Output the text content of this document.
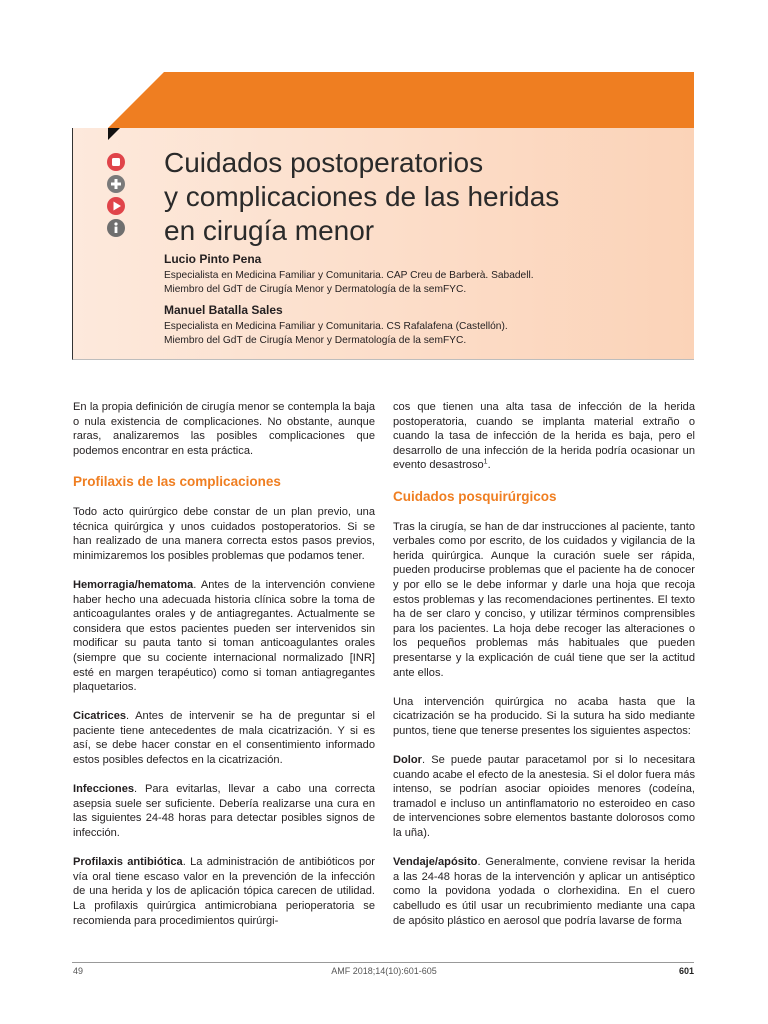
Cuidados postoperatorios
y complicaciones de las heridas
en cirugía menor
Lucio Pinto Pena
Especialista en Medicina Familiar y Comunitaria. CAP Creu de Barberà. Sabadell.
Miembro del GdT de Cirugía Menor y Dermatología de la semFYC.
Manuel Batalla Sales
Especialista en Medicina Familiar y Comunitaria. CS Rafalafena (Castellón).
Miembro del GdT de Cirugía Menor y Dermatología de la semFYC.

En la propia definición de cirugía menor se contempla la baja o nula existencia de complicaciones. No obstante, aunque raras, analizaremos las posibles complicaciones que podemos encontrar en esta práctica.

Profilaxis de las complicaciones

Todo acto quirúrgico debe constar de un plan previo, una técnica quirúrgica y unos cuidados postoperatorios. Si se han realizado de una manera correcta estos pasos previos, minimizaremos los posibles problemas que podamos tener.

Hemorragia/hematoma. Antes de la intervención conviene haber hecho una adecuada historia clínica sobre la toma de anticoagulantes orales y de antiagregantes. Actualmente se considera que estos pacientes pueden ser intervenidos sin modificar su pauta tanto si toman anticoagulantes orales (siempre que su cociente internacional normalizado [INR] esté en margen terapéutico) como si toman antiagregantes plaquetarios.

Cicatrices. Antes de intervenir se ha de preguntar si el paciente tiene antecedentes de mala cicatrización. Y si es así, se debe hacer constar en el consentimiento informado estos posibles defectos en la cicatrización.

Infecciones. Para evitarlas, llevar a cabo una correcta asepsia suele ser suficiente. Debería realizarse una cura en las siguientes 24-48 horas para detectar posibles signos de infección.

Profilaxis antibiótica. La administración de antibióticos por vía oral tiene escaso valor en la prevención de la infección de una herida y los de aplicación tópica carecen de utilidad. La profilaxis quirúrgica antimicrobiana perioperatoria se recomienda para procedimientos quirúrgi-

cos que tienen una alta tasa de infección de la herida postoperatoria, cuando se implanta material extraño o cuando la tasa de infección de la herida es baja, pero el desarrollo de una infección de la herida podría ocasionar un evento desastroso$^1$.

Cuidados posquirúrgicos

Tras la cirugía, se han de dar instrucciones al paciente, tanto verbales como por escrito, de los cuidados y vigilancia de la herida quirúrgica. Aunque la curación suele ser rápida, pueden producirse problemas que el paciente ha de conocer y por ello se le debe informar y darle una hoja que recoja estos problemas y las recomendaciones pertinentes. El texto ha de ser claro y conciso, y utilizar términos comprensibles para los pacientes. La hoja debe recoger las alteraciones o los pequeños problemas más habituales que pueden presentarse y la explicación de cuál tiene que ser la actitud ante ellos.

Una intervención quirúrgica no acaba hasta que la cicatrización se ha producido. Si la sutura ha sido mediante puntos, tiene que tenerse presentes los siguientes aspectos:

Dolor. Se puede pautar paracetamol por si lo necesitara cuando acabe el efecto de la anestesia. Si el dolor fuera más intenso, se podrían asociar opioides menores (codeína, tramadol e incluso un antinflamatorio no esteroideo en caso de intervenciones sobre elementos bastante dolorosos como la uña).

Vendaje/apósito. Generalmente, conviene revisar la herida a las 24-48 horas de la intervención y aplicar un antiséptico como la povidona yodada o clorhexidina. En el cuero cabelludo es útil usar un recubrimiento mediante una capa de apósito plástico en aerosol que podría lavarse de forma

49	AMF 2018;14(10):601-605	601
